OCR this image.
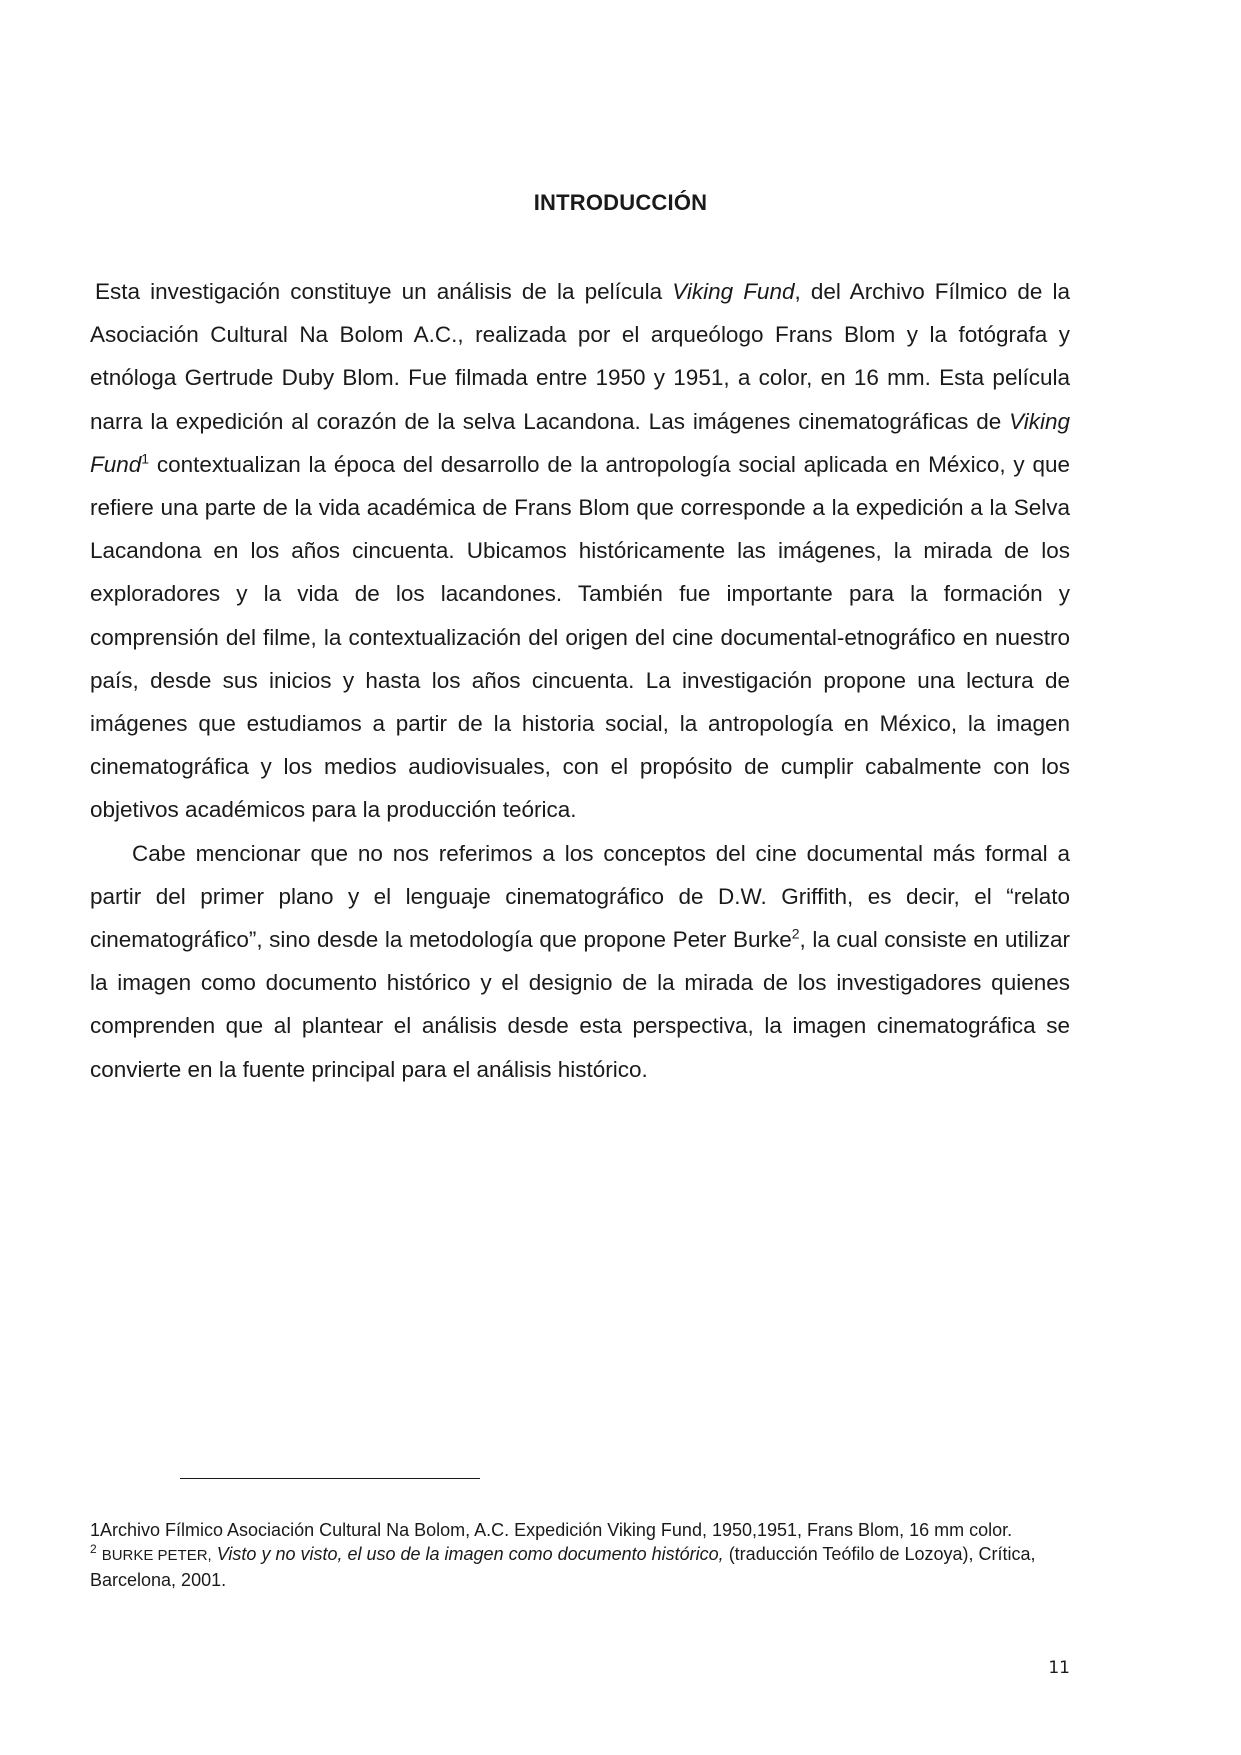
INTRODUCCIÓN

Esta investigación constituye un análisis de la película Viking Fund, del Archivo Fílmico de la Asociación Cultural Na Bolom A.C., realizada por el arqueólogo Frans Blom y la fotógrafa y etnóloga Gertrude Duby Blom. Fue filmada entre 1950 y 1951, a color, en 16 mm. Esta película narra la expedición al corazón de la selva Lacandona. Las imágenes cinematográficas de Viking Fund$^1$ contextualizan la época del desarrollo de la antropología social aplicada en México, y que refiere una parte de la vida académica de Frans Blom que corresponde a la expedición a la Selva Lacandona en los años cincuenta. Ubicamos históricamente las imágenes, la mirada de los exploradores y la vida de los lacandones. También fue importante para la formación y comprensión del filme, la contextualización del origen del cine documental-etnográfico en nuestro país, desde sus inicios y hasta los años cincuenta. La investigación propone una lectura de imágenes que estudiamos a partir de la historia social, la antropología en México, la imagen cinematográfica y los medios audiovisuales, con el propósito de cumplir cabalmente con los objetivos académicos para la producción teórica.

Cabe mencionar que no nos referimos a los conceptos del cine documental más formal a partir del primer plano y el lenguaje cinematográfico de D.W. Griffith, es decir, el “relato cinematográfico”, sino desde la metodología que propone Peter Burke$^2$, la cual consiste en utilizar la imagen como documento histórico y el designio de la mirada de los investigadores quienes comprenden que al plantear el análisis desde esta perspectiva, la imagen cinematográfica se convierte en la fuente principal para el análisis histórico.

1Archivo Fílmico Asociación Cultural Na Bolom, A.C. Expedición Viking Fund, 1950,1951, Frans Blom, 16 mm color.

$^2$ BURKE PETER, Visto y no visto, el uso de la imagen como documento histórico, (traducción Teófilo de Lozoya), Crítica, Barcelona, 2001.

11
